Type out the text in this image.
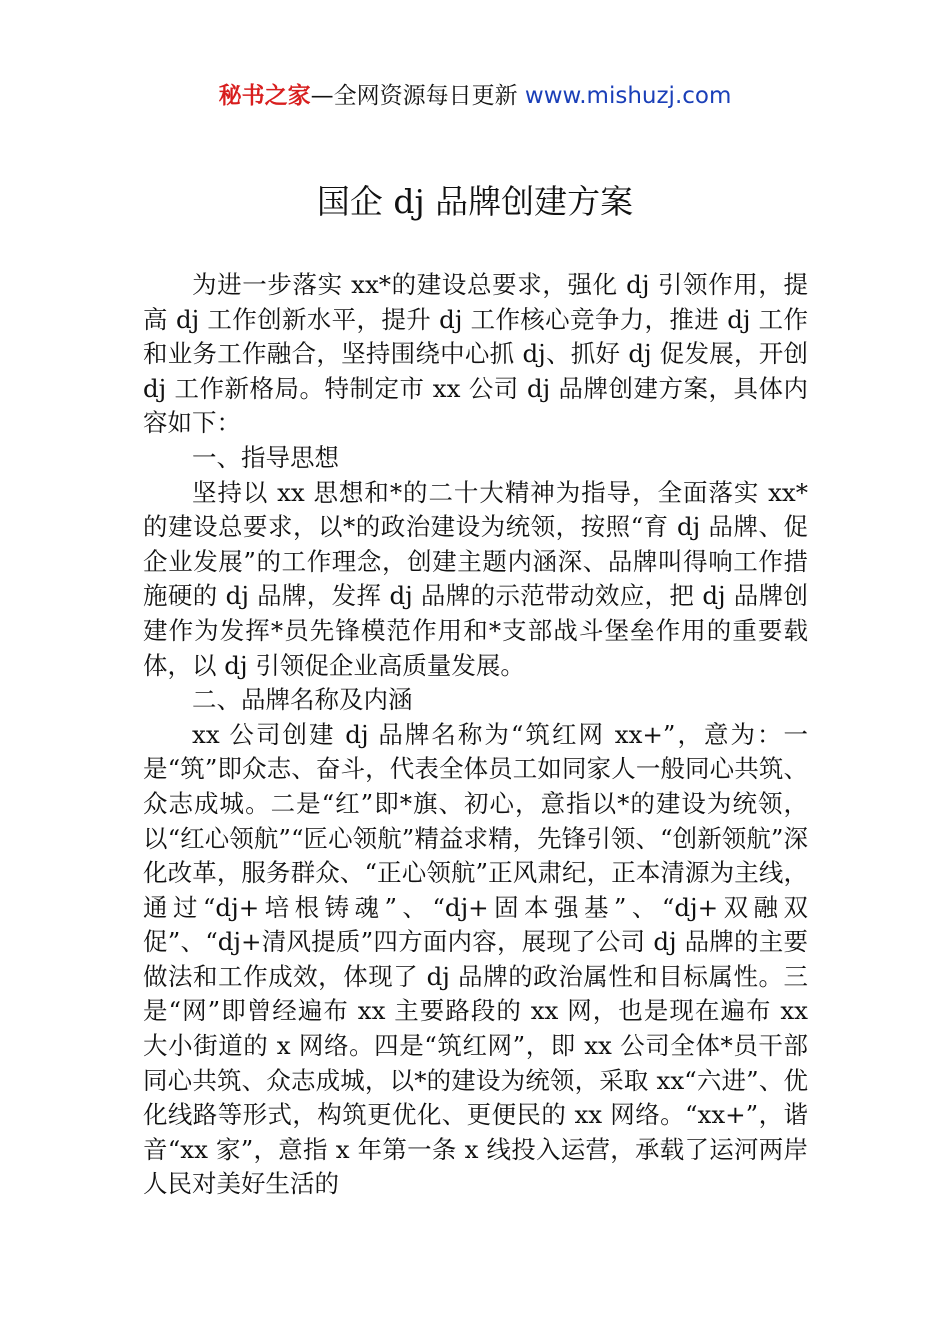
秘书之家—全网资源每日更新 www.mishuzj.com
国企 dj 品牌创建方案

为进一步落实 xx*的建设总要求，强化 dj 引领作用，提高 dj 工作创新水平，提升 dj 工作核心竞争力，推进 dj 工作和业务工作融合，坚持围绕中心抓 dj、抓好 dj 促发展，开创 dj 工作新格局。特制定市 xx 公司 dj 品牌创建方案，具体内容如下：

一、指导思想

坚持以 xx 思想和*的二十大精神为指导，全面落实 xx*的建设总要求，以*的政治建设为统领，按照“育 dj 品牌、促企业发展”的工作理念，创建主题内涵深、品牌叫得响工作措施硬的 dj 品牌，发挥 dj 品牌的示范带动效应，把 dj 品牌创建作为发挥*员先锋模范作用和*支部战斗堡垒作用的重要载体，以 dj 引领促企业高质量发展。

二、品牌名称及内涵

xx 公司创建 dj 品牌名称为“筑红网 xx+”，意为：一是“筑”即众志、奋斗，代表全体员工如同家人一般同心共筑、众志成城。二是“红”即*旗、初心，意指以*的建设为统领，以“红心领航”“匠心领航”精益求精，先锋引领、“创新领航”深化改革，服务群众、“正心领航”正风肃纪，正本清源为主线，通过“dj+培根铸魂”、“dj+固本强基”、“dj+双融双促”、“dj+清风提质”四方面内容，展现了公司 dj 品牌的主要做法和工作成效，体现了 dj 品牌的政治属性和目标属性。三是“网”即曾经遍布 xx 主要路段的 xx 网，也是现在遍布 xx 大小街道的 x 网络。四是“筑红网”，即 xx 公司全体*员干部同心共筑、众志成城，以*的建设为统领，采取 xx“六进”、优化线路等形式，构筑更优化、更便民的 xx 网络。“xx+”，谐音“xx 家”，意指 x 年第一条 x 线投入运营，承载了运河两岸人民对美好生活的
